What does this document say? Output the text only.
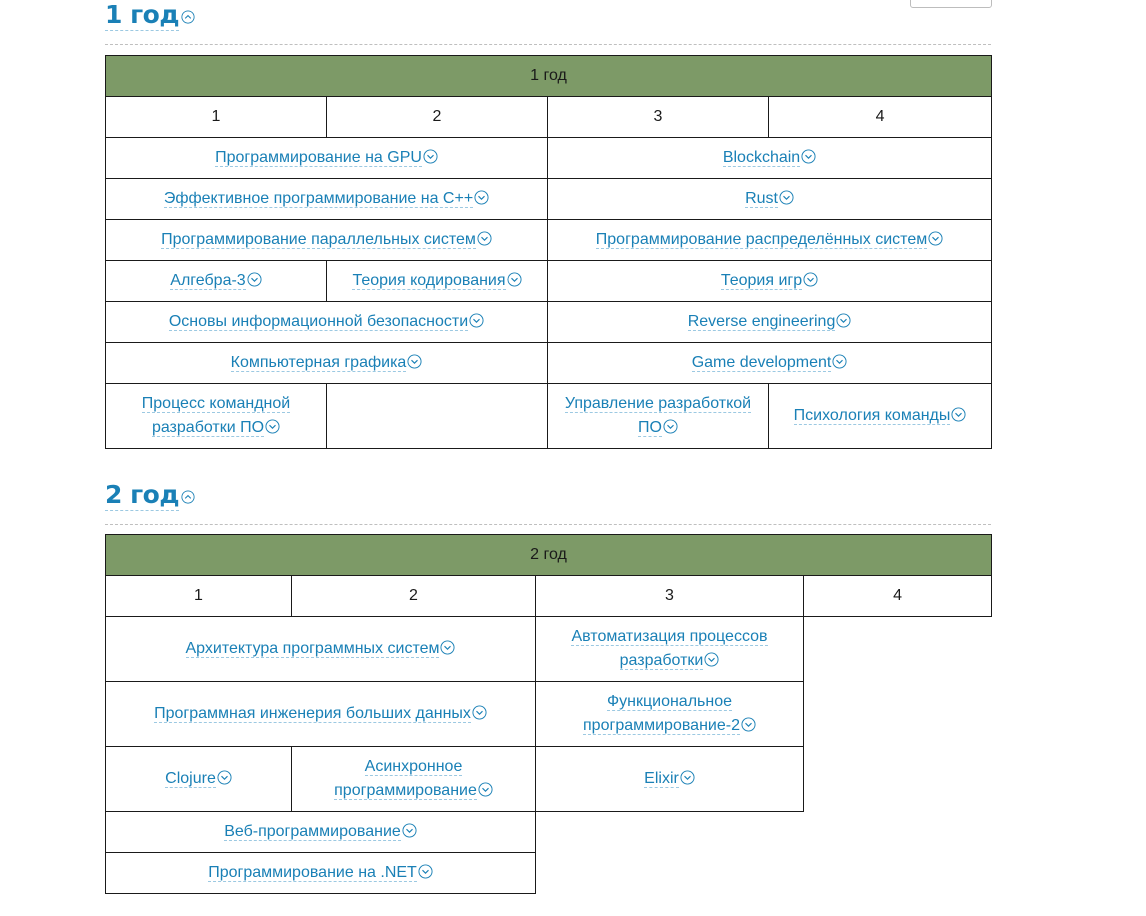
1 год
1 год			
1	2	3	4
Программирование на GPU		Blockchain	
Эффективное программирование на C++		Rust	
Программирование параллельных систем		Программирование распределённых систем	
Алгебра-3	Теория кодирования	Теория игр	
Основы информационной безопасности		Reverse engineering	
Компьютерная графика		Game development	
Процесс командной разработки ПО		Управление разработкой ПО	Психология команды
2 год
2 год			
1	2	3	4
Архитектура программных систем		Автоматизация процессов разработки	
Программная инженерия больших данных		Функциональное программирование-2	
Clojure	Асинхронное программирование	Elixir	
Веб-программирование			
Программирование на .NET			
